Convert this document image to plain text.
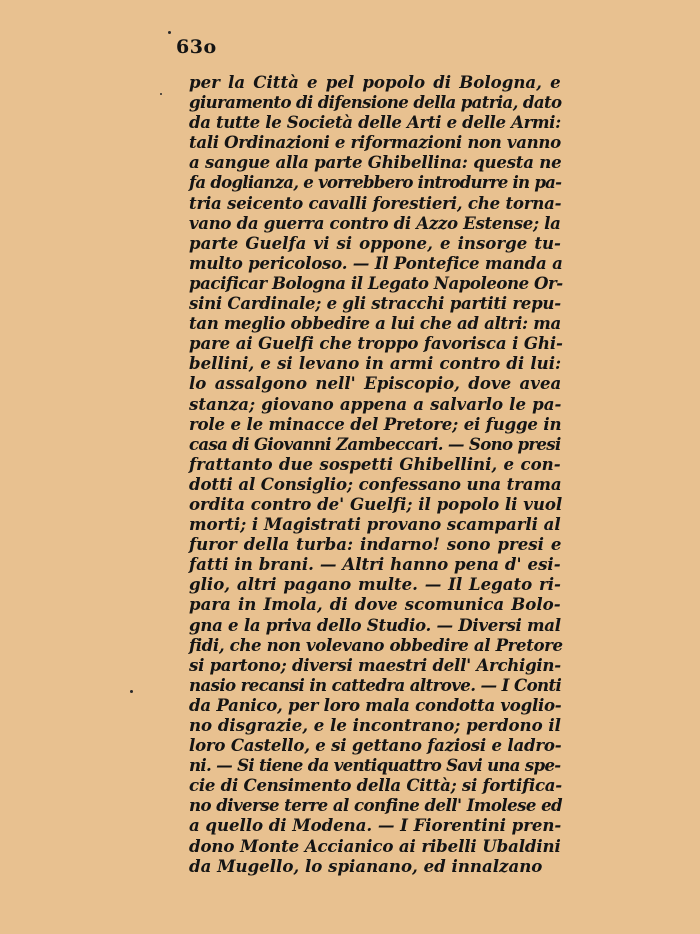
63o
per la Città e pel popolo di Bologna, e
giuramento di difensione della patria, dato
da tutte le Società delle Arti e delle Armi:
tali Ordinazioni e riformazioni non vanno
a sangue alla parte Ghibellina: questa ne
fa doglianza, e vorrebbero introdurre in pa-
tria seicento cavalli forestieri, che torna-
vano da guerra contro di Azzo Estense; la
parte Guelfa vi si oppone, e insorge tu-
multo pericoloso. — Il Pontefice manda a
pacificar Bologna il Legato Napoleone Or-
sini Cardinale; e gli stracchi partiti repu-
tan meglio obbedire a lui che ad altri: ma
pare ai Guelfi che troppo favorisca i Ghi-
bellini, e si levano in armi contro di lui:
lo assalgono nell' Episcopio, dove avea
stanza; giovano appena a salvarlo le pa-
role e le minacce del Pretore; ei fugge in
casa di Giovanni Zambeccari. — Sono presi
frattanto due sospetti Ghibellini, e con-
dotti al Consiglio; confessano una trama
ordita contro de' Guelfi; il popolo li vuol
morti; i Magistrati provano scamparli al
furor della turba: indarno! sono presi e
fatti in brani. — Altri hanno pena d' esi-
glio, altri pagano multe. — Il Legato ri-
para in Imola, di dove scomunica Bolo-
gna e la priva dello Studio. — Diversi mal
fidi, che non volevano obbedire al Pretore
si partono; diversi maestri dell' Archigin-
nasio recansi in cattedra altrove. — I Conti
da Panico, per loro mala condotta voglio-
no disgrazie, e le incontrano; perdono il
loro Castello, e si gettano faziosi e ladro-
ni. — Si tiene da ventiquattro Savi una spe-
cie di Censimento della Città; si fortifica-
no diverse terre al confine dell' Imolese ed
a quello di Modena. — I Fiorentini pren-
dono Monte Accianico ai ribelli Ubaldini
da Mugello, lo spianano, ed innalzano
